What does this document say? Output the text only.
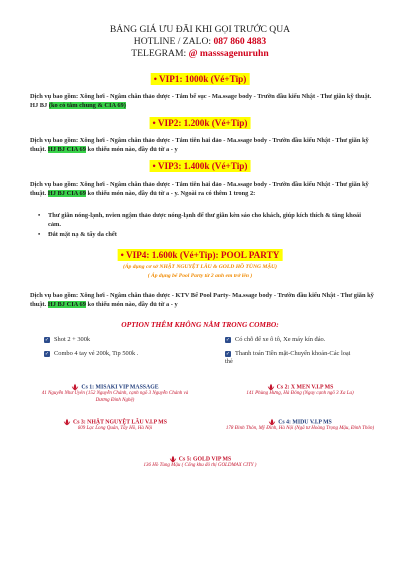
BẢNG GIÁ ƯU ĐÃI KHI GỌI TRƯỚC QUA
HOTLINE / ZALO: 087 860 4883
TELEGRAM: @ masssagenuruhn
• VIP1: 1000k (Vé+Tip)
Dịch vụ bao gồm: Xông hơi - Ngâm chân thảo dược - Tắm bể sục - Ma.ssage body - Trườn đầu kiểu Nhật - Thư giãn kỹ thuật. HJ BJ (ko có tắm chung & CIA 69)
• VIP2: 1.200k (Vé+Tip)
Dịch vụ bao gồm: Xông hơi - Ngâm chân thảo dược - Tắm tiên hải đảo - Ma.ssage body - Trườn đầu kiểu Nhật - Thư giãn kỹ thuật. HJ BJ CIA 69 ko thiếu món nào, đầy đủ từ a - y
• VIP3: 1.400k (Vé+Tip)
Dịch vụ bao gồm: Xông hơi - Ngâm chân thảo dược - Tắm tiên hải đảo - Ma.ssage body - Trườn đầu kiểu Nhật - Thư giãn kỹ thuật. HJ BJ CIA 69 ko thiếu món nào, đầy đủ từ a - y. Ngoài ra có thêm 1 trong 2:
• Thư giãn nóng-lạnh, nvien ngậm thảo dược nóng-lạnh để thư giãn kèn sáo cho khách, giúp kích thích & tăng khoái cảm.
• Đắt mặt nạ & tẩy da chết
• VIP4: 1.600k (Vé+Tip): POOL PARTY
(Áp dụng cơ sở NHẬT NGUYỆT LÂU & GOLD HỒ TÙNG MẬU)
( Áp dụng bể Pool Party từ 2 anh em trở lên )
Dịch vụ bao gồm: Xông hơi - Ngâm chân thảo dược - KTV Bể Pool Party- Ma.ssage body - Trườn đầu kiểu Nhật - Thư giãn kỹ thuật. HJ BJ CIA 69 ko thiếu món nào, đầy đủ từ a - y
OPTION THÊM KHÔNG NẰM TRONG COMBO:
✓ Shot 2 + 300k
✓ Combo 4 tay vé 200k, Tip 500k .
✓ Có chỗ để xe ô tô, Xe máy kín đáo.
✓ Thanh toán Tiền mặt-Chuyển khoản-Các loại thẻ
Cs 1: MISAKI VIP MASSAGE
41 Nguyễn Như Uyên (152 Nguyễn Chánh, cạnh ngõ 3 Nguyễn Chánh và Dương Đình Nghệ)
Cs 2: X MEN V.I.P MS
141 Phùng Hưng, Hà Đông (Ngay cạnh ngõ 3 Xa La)
Cs 3: NHẬT NGUYỆT LÂU V.I.P MS
609 Lạc Long Quân, Tây Hồ, Hà Nội
Cs 4: MIDU V.I.P MS
178 Đình Thôn, Mỹ Đình, Hà Nội (Ngã tư Hoàng Trọng Mậu, Đình Thôn)
Cs 5: GOLD VIP MS
136 Hồ Tùng Mậu ( Cổng khu đô thị GOLDMAX CITY )
